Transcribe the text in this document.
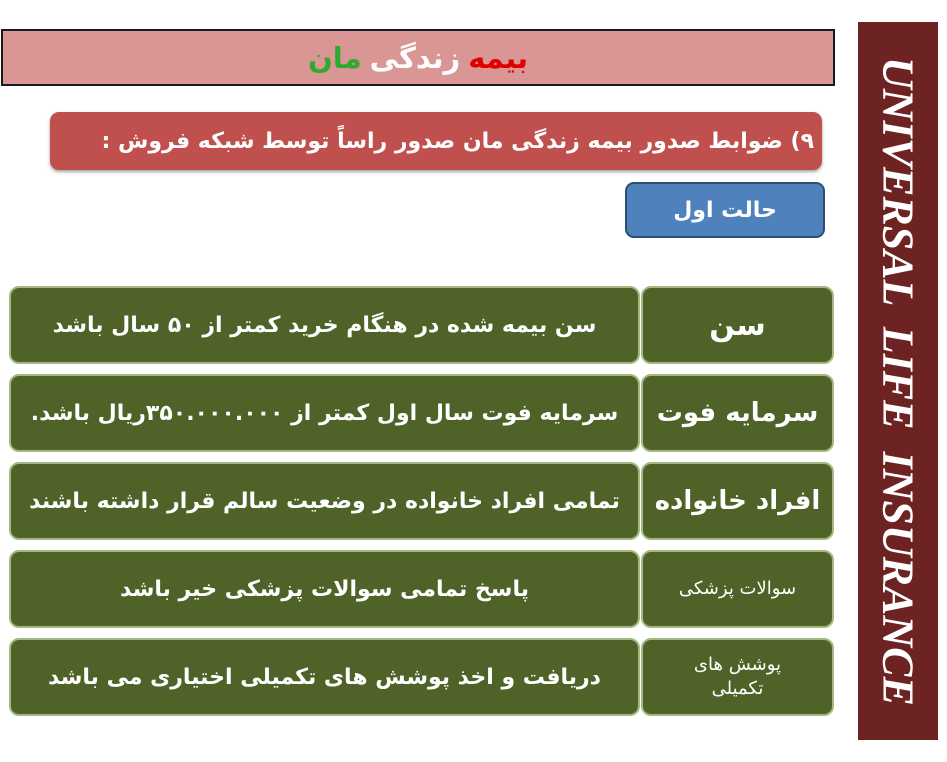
بیمه
زندگی
مان
۹) ضوابط صدور بیمه زندگی مان صدور راساً توسط شبکه فروش :
حالت اول
سن
سن بیمه شده در هنگام خرید کمتر از ۵۰ سال باشد
سرمایه فوت
سرمایه فوت سال اول کمتر از ۳۵۰.۰۰۰.۰۰۰ریال باشد.
افراد خانواده
تمامی افراد خانواده در وضعیت سالم قرار داشته باشند
سوالات پزشکی
پاسخ تمامی سوالات پزشکی خیر باشد
پوشش های تکمیلی
دریافت و اخذ پوشش های تکمیلی اختیاری می باشد	UNIVERSAL  LIFE  INSURANCE
